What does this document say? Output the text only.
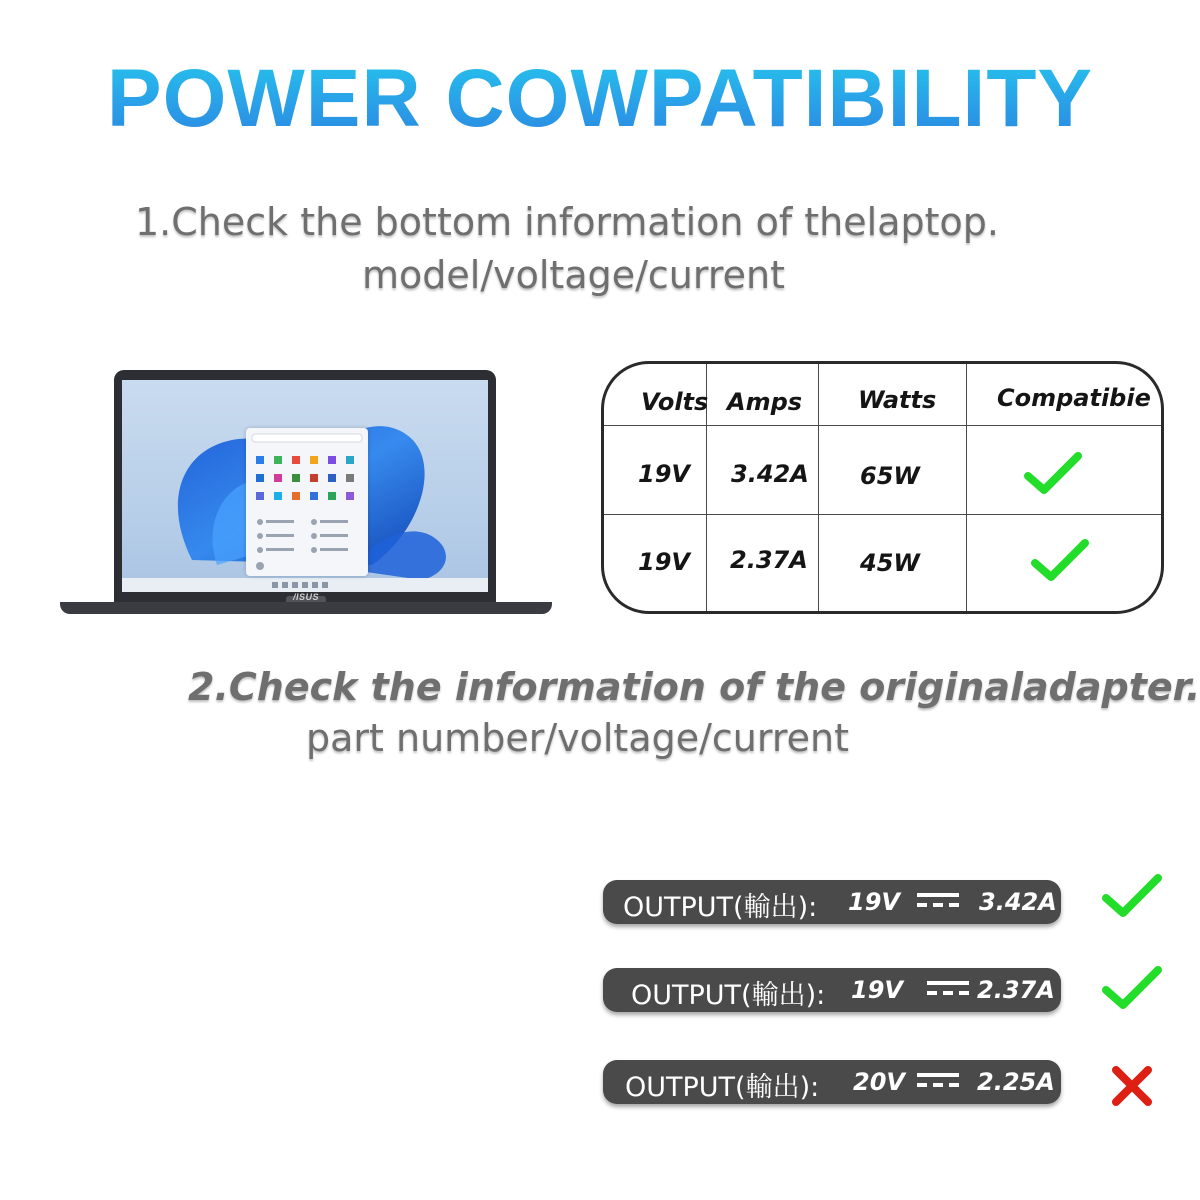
POWER COWPATIBILITY
1.Check the bottom information of thelaptop.
model/voltage/current
/ISUS
Volts Amps Watts	Compatibie
19V 3.42A 65W
19V 2.37A 45W
2.Check the information of the originaladapter.
part number/voltage/current
OUTPUT(輸出): 19V	3.42A
OUTPUT(輸出): 19V	2.37A
OUTPUT(輸出): 20V	2.25A
